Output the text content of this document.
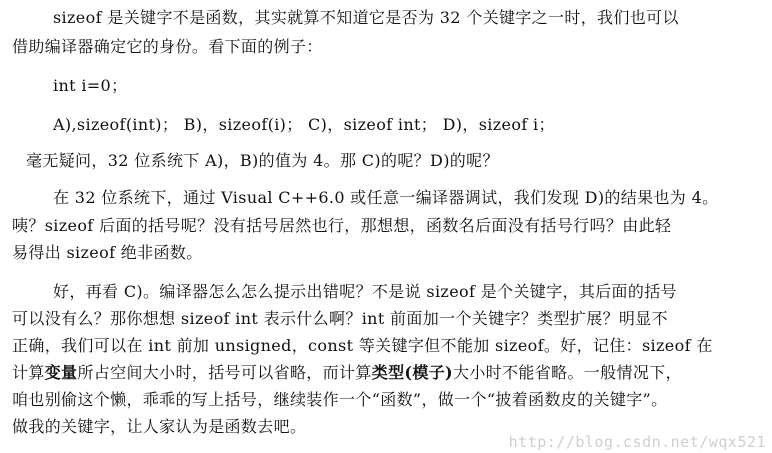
sizeof 是关键字不是函数，其实就算不知道它是否为 32 个关键字之一时，我们也可以
借助编译器确定它的身份。看下面的例子：
int i=0；
A),sizeof(int)； B)，sizeof(i)； C)，sizeof int； D)，sizeof i；
毫无疑问，32 位系统下 A)，B)的值为 4。那 C)的呢？D)的呢？
在 32 位系统下，通过 Visual C++6.0 或任意一编译器调试，我们发现 D)的结果也为 4。
咦？sizeof 后面的括号呢？没有括号居然也行，那想想，函数名后面没有括号行吗？由此轻
易得出 sizeof 绝非函数。
好，再看 C)。编译器怎么怎么提示出错呢？不是说 sizeof 是个关键字，其后面的括号
可以没有么？那你想想 sizeof int 表示什么啊？int 前面加一个关键字？类型扩展？明显不
正确，我们可以在 int 前加 unsigned，const 等关键字但不能加 sizeof。好，记住：sizeof 在
计算变量所占空间大小时，括号可以省略，而计算类型(模子)大小时不能省略。一般情况下，
咱也别偷这个懒，乖乖的写上括号，继续装作一个“函数”，做一个“披着函数皮的关键字”。
做我的关键字，让人家认为是函数去吧。
http://blog.csdn.net/wqx521
